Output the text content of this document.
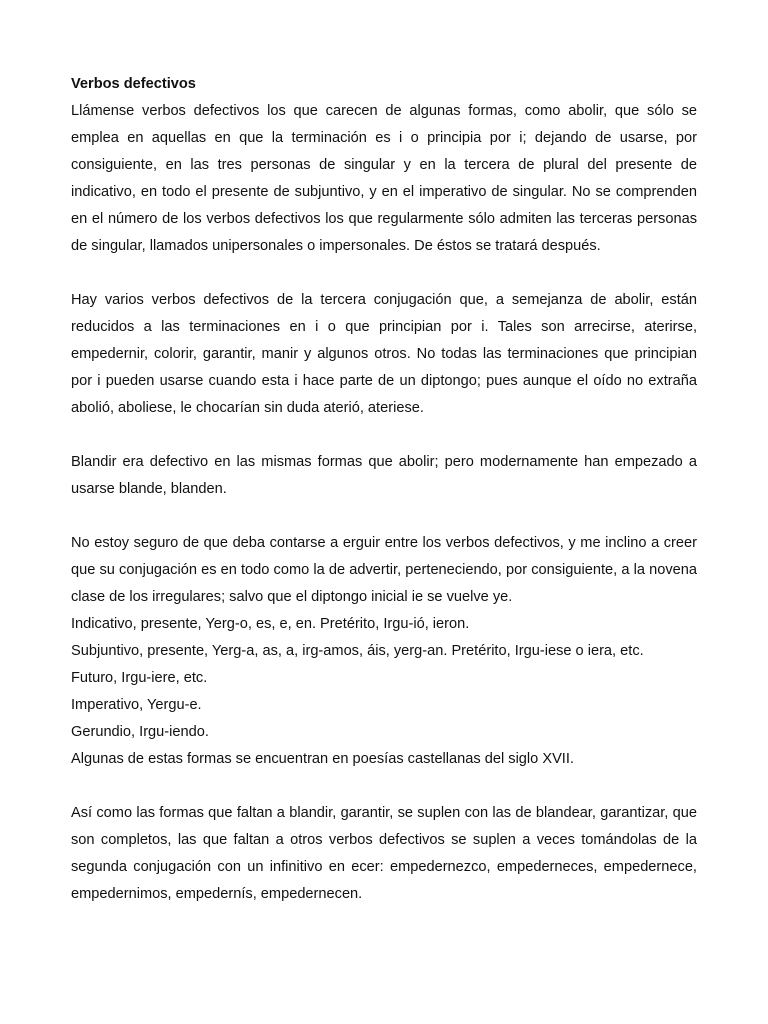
Verbos defectivos

Llámense verbos defectivos los que carecen de algunas formas, como abolir, que sólo se emplea en aquellas en que la terminación es i o principia por i; dejando de usarse, por consiguiente, en las tres personas de singular y en la tercera de plural del presente de indicativo, en todo el presente de subjuntivo, y en el imperativo de singular. No se comprenden en el número de los verbos defectivos los que regularmente sólo admiten las terceras personas de singular, llamados unipersonales o impersonales. De éstos se tratará después.

Hay varios verbos defectivos de la tercera conjugación que, a semejanza de abolir, están reducidos a las terminaciones en i o que principian por i. Tales son arrecirse, aterirse, empedernir, colorir, garantir, manir y algunos otros. No todas las terminaciones que principian por i pueden usarse cuando esta i hace parte de un diptongo; pues aunque el oído no extraña abolió, aboliese, le chocarían sin duda aterió, ateriese.

Blandir era defectivo en las mismas formas que abolir; pero modernamente han empezado a usarse blande, blanden.

No estoy seguro de que deba contarse a erguir entre los verbos defectivos, y me inclino a creer que su conjugación es en todo como la de advertir, perteneciendo, por consiguiente, a la novena clase de los irregulares; salvo que el diptongo inicial ie se vuelve ye.

Indicativo, presente, Yerg-o, es, e, en. Pretérito, Irgu-ió, ieron.
Subjuntivo, presente, Yerg-a, as, a, irg-amos, áis, yerg-an. Pretérito, Irgu-iese o iera, etc.
Futuro, Irgu-iere, etc.
Imperativo, Yergu-e.
Gerundio, Irgu-iendo.
Algunas de estas formas se encuentran en poesías castellanas del siglo XVII.

Así como las formas que faltan a blandir, garantir, se suplen con las de blandear, garantizar, que son completos, las que faltan a otros verbos defectivos se suplen a veces tomándolas de la segunda conjugación con un infinitivo en ecer: empedernezco, empederneces, empedernece, empedernimos, empedernís, empedernecen.
